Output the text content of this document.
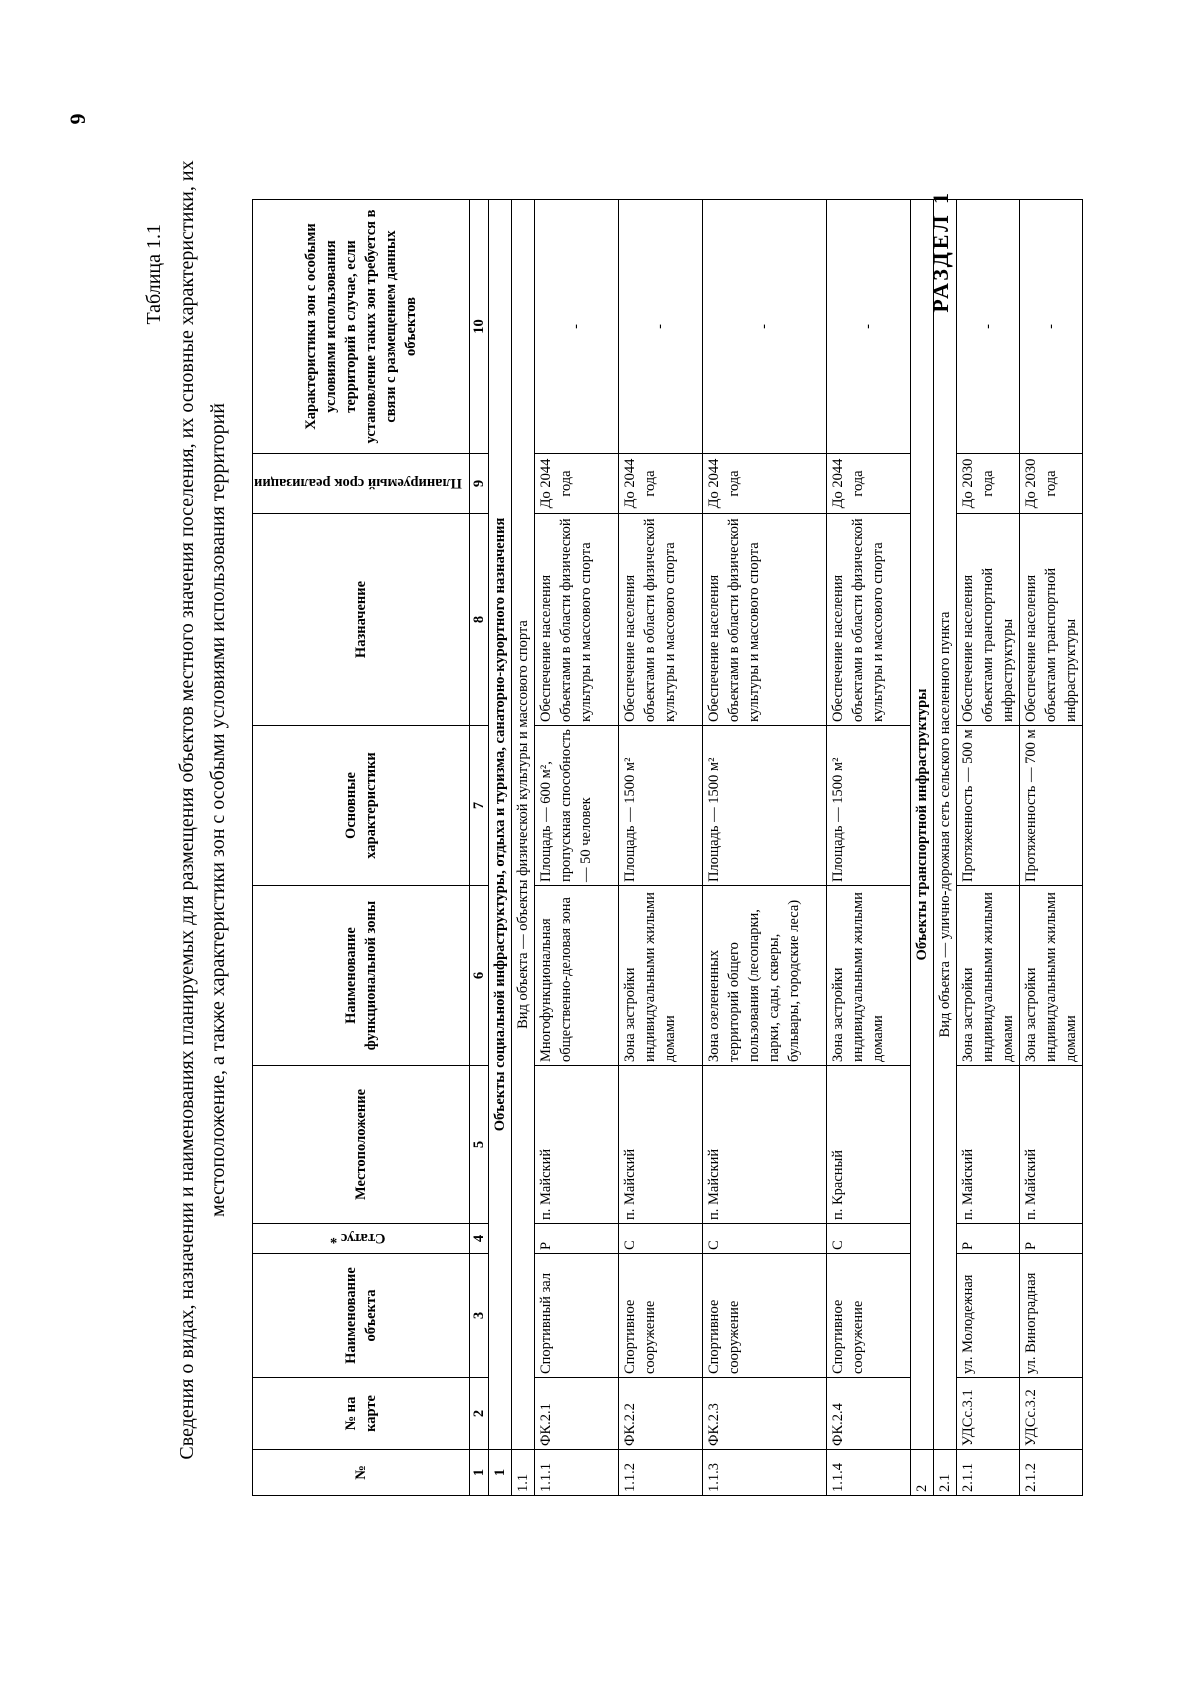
6
Таблица 1.1 Сведения о видах, назначении и наименованиях планируемых для размещения объектов местного значения поселения, их основные характеристики, их местоположение, а также характеристики зон с особыми условиями использования территорий
№	№ на карте	Наименование объекта	Статус *	Местоположение	Наименование функциональной зоны	Основные характеристики	Назначение	Планируемый срок реализации	Характеристики зон с особыми условиями использования территорий в случае, если установление таких зон требуется в связи с размещением данных объектов
1	2	3	4	5	6	7	8	9	10
1	Объекты социальной инфраструктуры, отдыха и туризма, санаторно-курортного назначения								
1.1	Вид объекта — объекты физической культуры и массового спорта								
1.1.1	ФК.2.1	Спортивный зал	Р	п. Майский	Многофункциональная общественно-деловая зона	Площадь — 600 м², пропускная способность — 50 человек	Обеспечение населения объектами в области физической культуры и массового спорта	До 2044 года	-
1.1.2	ФК.2.2	Спортивное сооружение	С	п. Майский	Зона застройки индивидуальными жилыми домами	Площадь — 1500 м²	Обеспечение населения объектами в области физической культуры и массового спорта	До 2044 года	-
1.1.3	ФК.2.3	Спортивное сооружение	С	п. Майский	Зона озелененных территорий общего пользования (лесопарки, парки, сады, скверы, бульвары, городские леса)	Площадь — 1500 м²	Обеспечение населения объектами в области физической культуры и массового спорта	До 2044 года	-
1.1.4	ФК.2.4	Спортивное сооружение	С	п. Красный	Зона застройки индивидуальными жилыми домами	Площадь — 1500 м²	Обеспечение населения объектами в области физической культуры и массового спорта	До 2044 года	-
2	Объекты транспортной инфраструктуры								
2.1	Вид объекта — улично-дорожная сеть сельского населенного пункта								
2.1.1	УДСс.3.1	ул. Молодежная	Р	п. Майский	Зона застройки индивидуальными жилыми домами	Протяженность — 500 м	Обеспечение населения объектами транспортной инфраструктуры	До 2030 года	-
2.1.2	УДСс.3.2	ул. Виноградная	Р	п. Майский	Зона застройки индивидуальными жилыми домами	Протяженность — 700 м	Обеспечение населения объектами транспортной инфраструктуры	До 2030 года	-
РАЗДЕЛ 1
